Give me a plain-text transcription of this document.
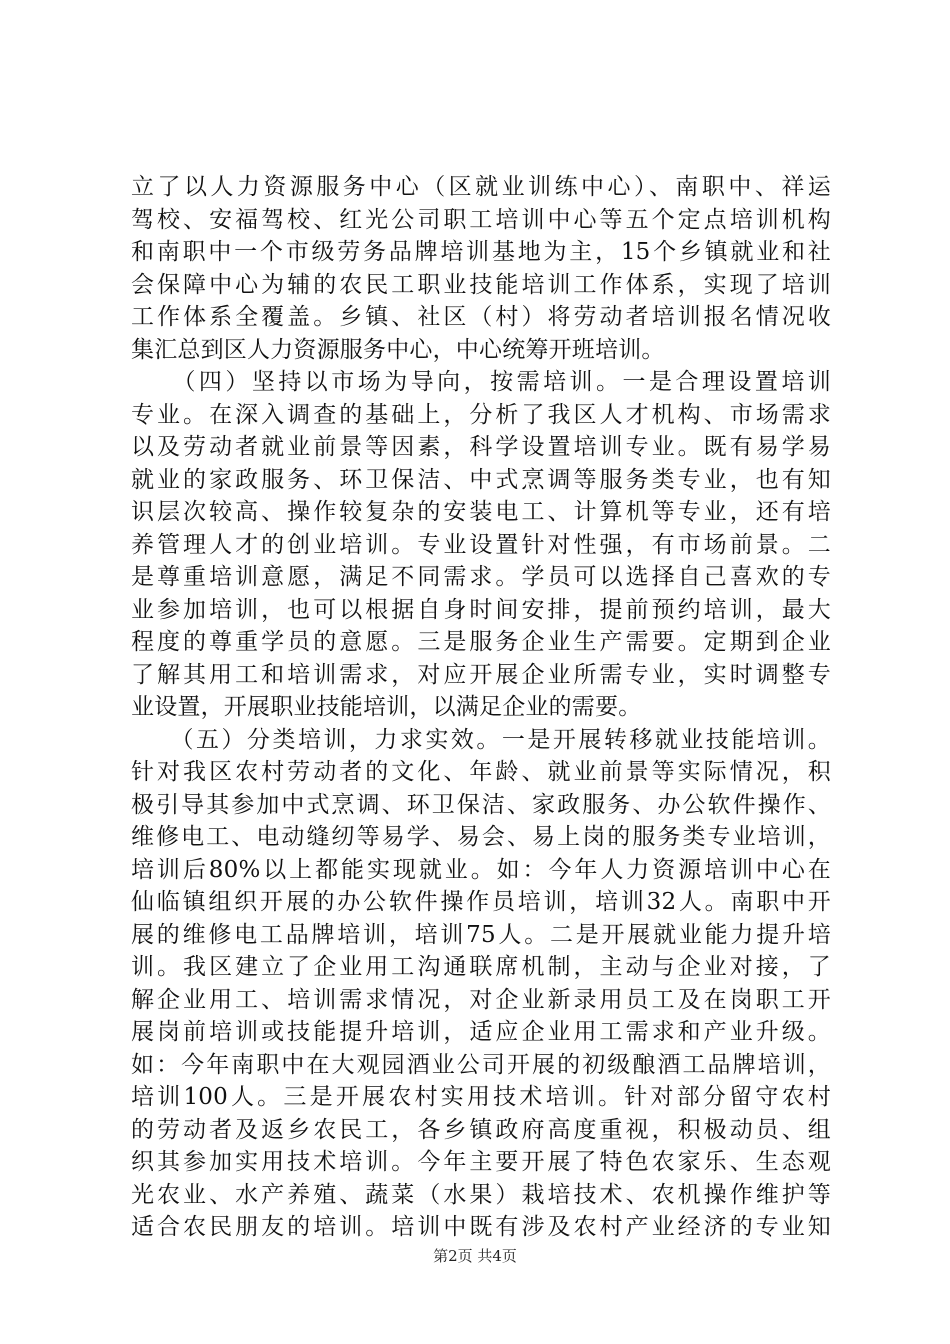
立了以人力资源服务中心（区就业训练中心）、南职中、祥运
驾校、安福驾校、红光公司职工培训中心等五个定点培训机构
和南职中一个市级劳务品牌培训基地为主，15个乡镇就业和社
会保障中心为辅的农民工职业技能培训工作体系，实现了培训
工作体系全覆盖。乡镇、社区（村）将劳动者培训报名情况收
集汇总到区人力资源服务中心，中心统筹开班培训。
　　（四）坚持以市场为导向，按需培训。一是合理设置培训
专业。在深入调查的基础上，分析了我区人才机构、市场需求
以及劳动者就业前景等因素，科学设置培训专业。既有易学易
就业的家政服务、环卫保洁、中式烹调等服务类专业，也有知
识层次较高、操作较复杂的安装电工、计算机等专业，还有培
养管理人才的创业培训。专业设置针对性强，有市场前景。二
是尊重培训意愿，满足不同需求。学员可以选择自己喜欢的专
业参加培训，也可以根据自身时间安排，提前预约培训，最大
程度的尊重学员的意愿。三是服务企业生产需要。定期到企业
了解其用工和培训需求，对应开展企业所需专业，实时调整专
业设置，开展职业技能培训，以满足企业的需要。
　　（五）分类培训，力求实效。一是开展转移就业技能培训。
针对我区农村劳动者的文化、年龄、就业前景等实际情况，积
极引导其参加中式烹调、环卫保洁、家政服务、办公软件操作、
维修电工、电动缝纫等易学、易会、易上岗的服务类专业培训，
培训后80%以上都能实现就业。如：今年人力资源培训中心在
仙临镇组织开展的办公软件操作员培训，培训32人。南职中开
展的维修电工品牌培训，培训75人。二是开展就业能力提升培
训。我区建立了企业用工沟通联席机制，主动与企业对接，了
解企业用工、培训需求情况，对企业新录用员工及在岗职工开
展岗前培训或技能提升培训，适应企业用工需求和产业升级。
如：今年南职中在大观园酒业公司开展的初级酿酒工品牌培训，
培训100人。三是开展农村实用技术培训。针对部分留守农村
的劳动者及返乡农民工，各乡镇政府高度重视，积极动员、组
织其参加实用技术培训。今年主要开展了特色农家乐、生态观
光农业、水产养殖、蔬菜（水果）栽培技术、农机操作维护等
适合农民朋友的培训。培训中既有涉及农村产业经济的专业知
第2页 共4页
